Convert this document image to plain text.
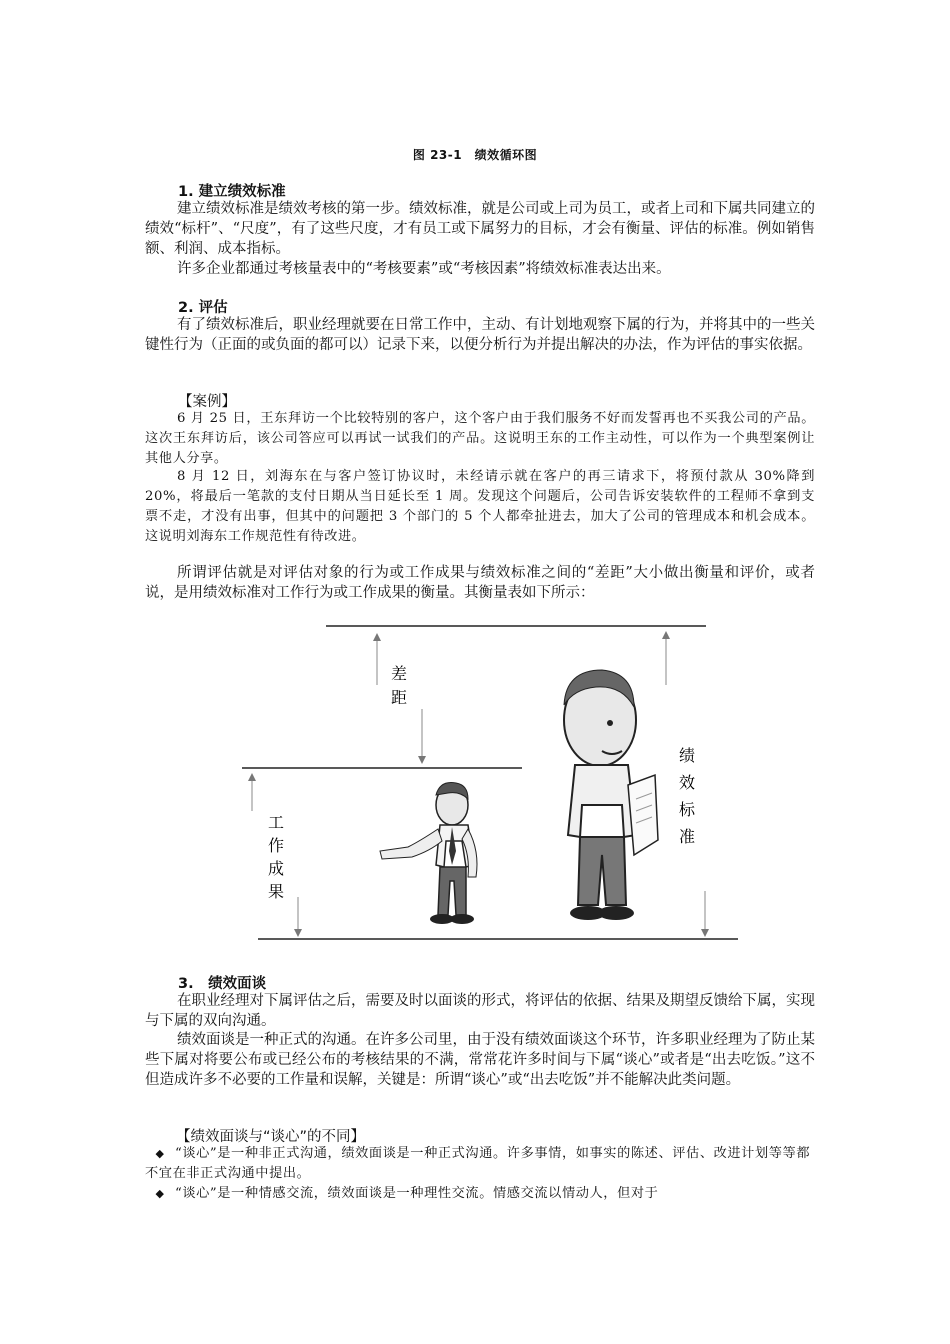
图 23-1　绩效循环图
1. 建立绩效标准

建立绩效标准是绩效考核的第一步。绩效标准，就是公司或上司为员工，或者上司和下属共同建立的绩效“标杆”、“尺度”，有了这些尺度，才有员工或下属努力的目标，才会有衡量、评估的标准。例如销售额、利润、成本指标。

许多企业都通过考核量表中的“考核要素”或“考核因素”将绩效标准表达出来。

2. 评估

有了绩效标准后，职业经理就要在日常工作中，主动、有计划地观察下属的行为，并将其中的一些关键性行为（正面的或负面的都可以）记录下来，以便分析行为并提出解决的办法，作为评估的事实依据。

【案例】

6 月 25 日，王东拜访一个比较特别的客户，这个客户由于我们服务不好而发誓再也不买我公司的产品。这次王东拜访后，该公司答应可以再试一试我们的产品。这说明王东的工作主动性，可以作为一个典型案例让其他人分享。

8 月 12 日，刘海东在与客户签订协议时，未经请示就在客户的再三请求下，将预付款从 30%降到 20%，将最后一笔款的支付日期从当日延长至 1 周。发现这个问题后，公司告诉安装软件的工程师不拿到支票不走，才没有出事，但其中的问题把 3 个部门的 5 个人都牵扯进去，加大了公司的管理成本和机会成本。这说明刘海东工作规范性有待改进。

所谓评估就是对评估对象的行为或工作成果与绩效标准之间的“差距”大小做出衡量和评价，或者说，是用绩效标准对工作行为或工作成果的衡量。其衡量表如下所示：

差
距
工
作
成
果
绩
效
标
准
3.　绩效面谈

在职业经理对下属评估之后，需要及时以面谈的形式，将评估的依据、结果及期望反馈给下属，实现与下属的双向沟通。

绩效面谈是一种正式的沟通。在许多公司里，由于没有绩效面谈这个环节，许多职业经理为了防止某些下属对将要公布或已经公布的考核结果的不满，常常花许多时间与下属“谈心”或者是“出去吃饭。”这不但造成许多不必要的工作量和误解，关键是：所谓“谈心”或“出去吃饭”并不能解决此类问题。

【绩效面谈与“谈心”的不同】

◆ “谈心”是一种非正式沟通，绩效面谈是一种正式沟通。许多事情，如事实的陈述、评估、改进计划等等都不宜在非正式沟通中提出。

◆ “谈心”是一种情感交流，绩效面谈是一种理性交流。情感交流以情动人，但对于
